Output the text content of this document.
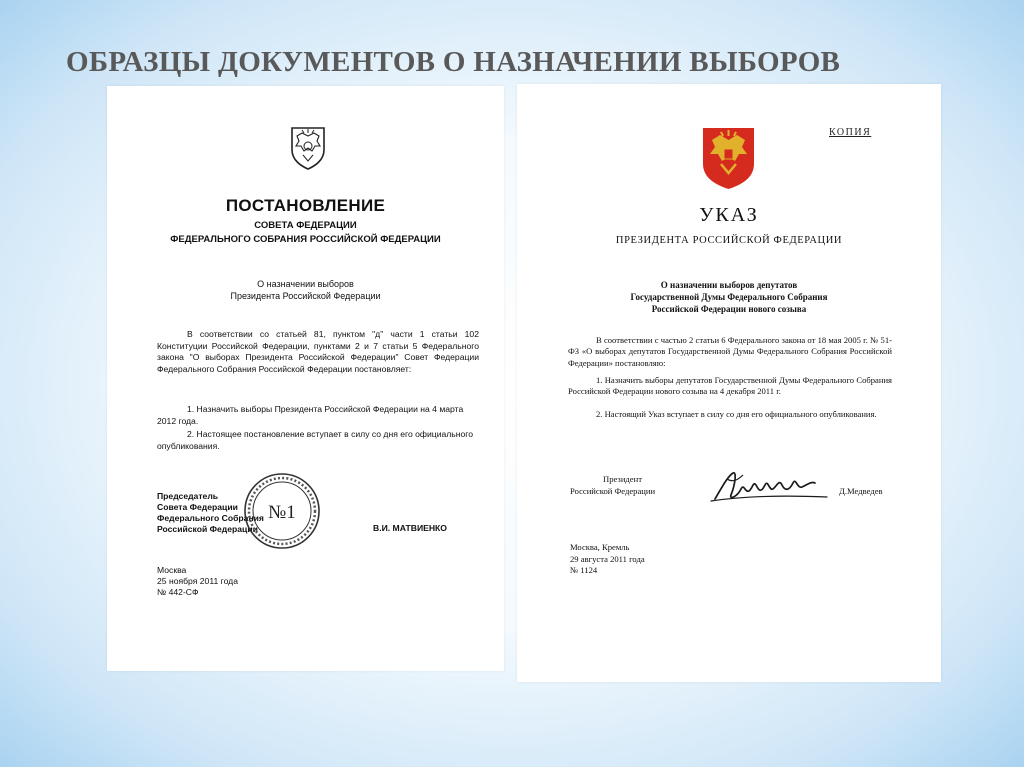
ОБРАЗЦЫ ДОКУМЕНТОВ О НАЗНАЧЕНИИ ВЫБОРОВ
ПОСТАНОВЛЕНИЕ
СОВЕТА ФЕДЕРАЦИИ
ФЕДЕРАЛЬНОГО СОБРАНИЯ РОССИЙСКОЙ ФЕДЕРАЦИИ
О назначении выборов
Президента Российской Федерации
В соответствии со статьей 81, пунктом "д" части 1 статьи 102 Конституции Российской Федерации, пунктами 2 и 7 статьи 5 Федерального закона "О выборах Президента Российской Федерации" Совет Федерации Федерального Собрания Российской Федерации постановляет:
1. Назначить выборы Президента Российской Федерации на 4 марта 2012 года.
2. Настоящее постановление вступает в силу со дня его официального опубликования.
Председатель
Совета Федерации
Федерального Собрания
Российской Федерации
№1
В.И. МАТВИЕНКО
Москва
25 ноября 2011 года
№ 442-СФ
КОПИЯ
УКАЗ
ПРЕЗИДЕНТА РОССИЙСКОЙ ФЕДЕРАЦИИ
О назначении выборов депутатов
Государственной Думы Федерального Собрания
Российской Федерации нового созыва
В соответствии с частью 2 статьи 6 Федерального закона от 18 мая 2005 г. № 51-ФЗ «О выборах депутатов Государственной Думы Федерального Собрания Российской Федерации» постановляю:
1. Назначить выборы депутатов Государственной Думы Федерального Собрания Российской Федерации нового созыва на 4 декабря 2011 г.
2. Настоящий Указ вступает в силу со дня его официального опубликования.
Президент
Российской Федерации	Д.Медведев
Москва, Кремль
29 августа 2011 года
№ 1124
